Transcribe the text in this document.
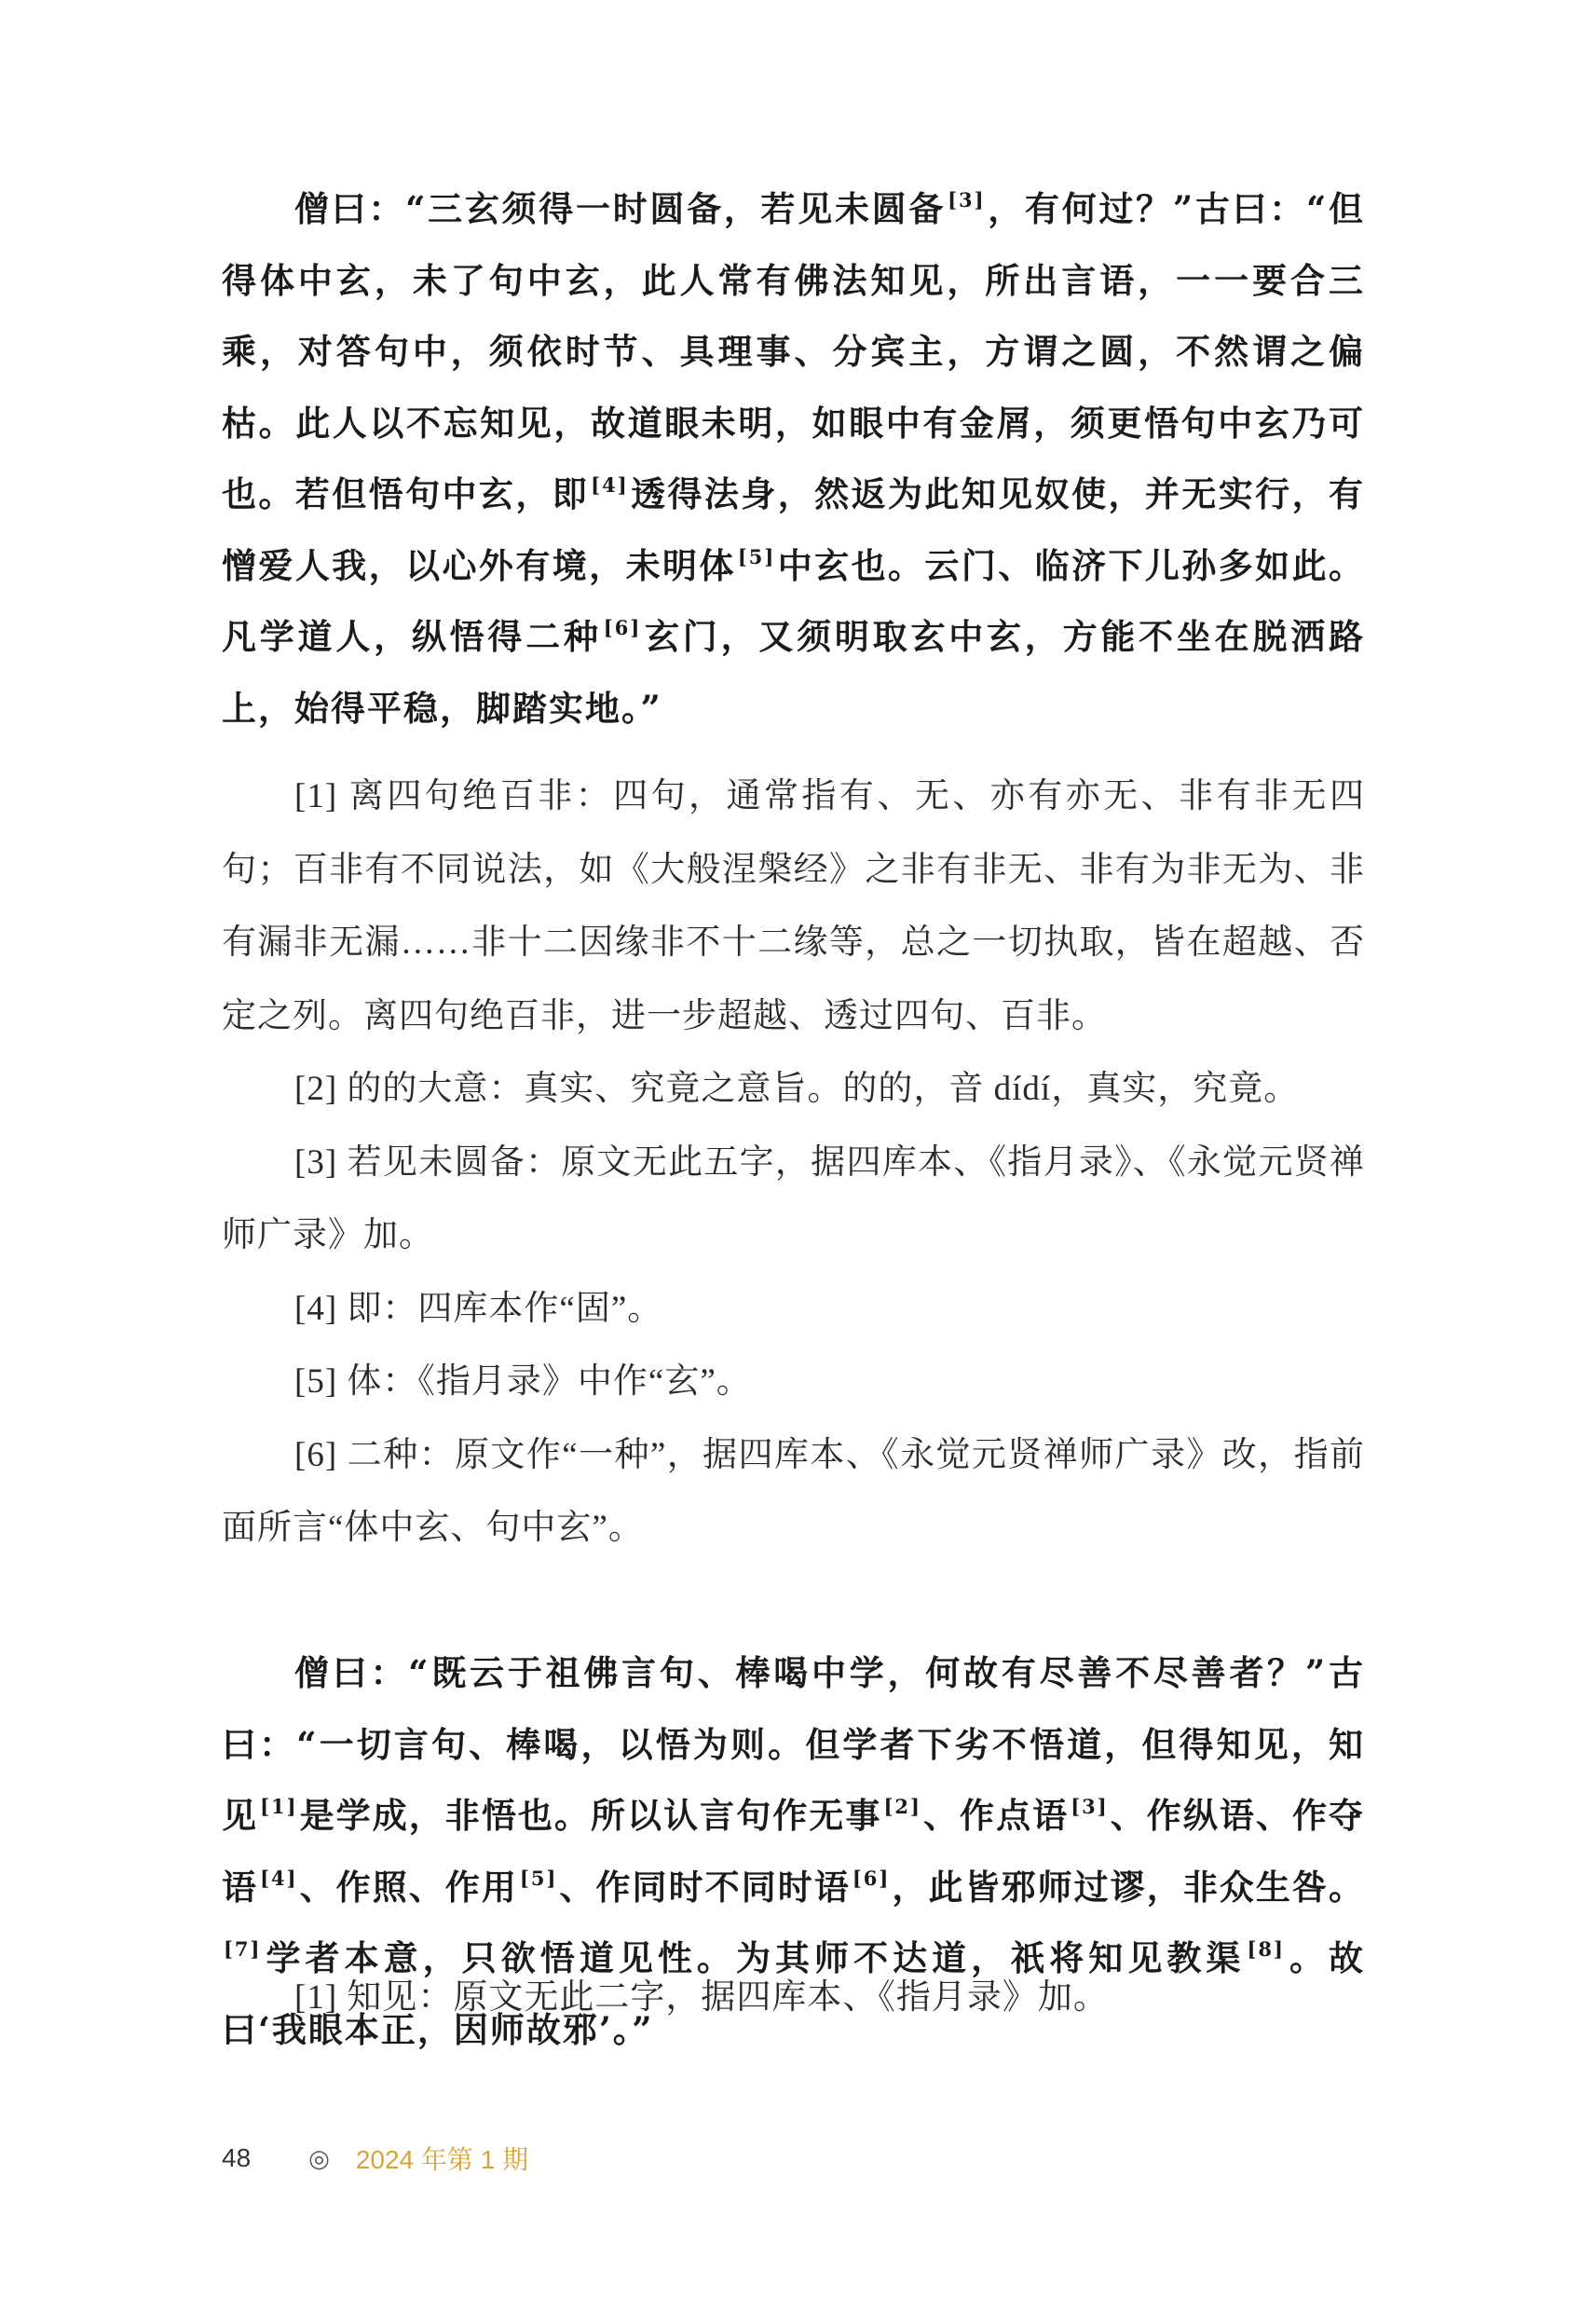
僧曰：“三玄须得一时圆备，若见未圆备[3]，有何过？”古曰：“但得体中玄，未了句中玄，此人常有佛法知见，所出言语，一一要合三乘，对答句中，须依时节、具理事、分宾主，方谓之圆，不然谓之偏枯。此人以不忘知见，故道眼未明，如眼中有金屑，须更悟句中玄乃可也。若但悟句中玄，即[4]透得法身，然返为此知见奴使，并无实行，有憎爱人我，以心外有境，未明体[5]中玄也。云门、临济下儿孙多如此。凡学道人，纵悟得二种[6]玄门，又须明取玄中玄，方能不坐在脱洒路上，始得平稳，脚踏实地。”

[1] 离四句绝百非：四句，通常指有、无、亦有亦无、非有非无四句；百非有不同说法，如《大般涅槃经》之非有非无、非有为非无为、非有漏非无漏……非十二因缘非不十二缘等，总之一切执取，皆在超越、否定之列。离四句绝百非，进一步超越、透过四句、百非。

[2] 的的大意：真实、究竟之意旨。的的，音 dídí，真实，究竟。

[3] 若见未圆备：原文无此五字，据四库本、《指月录》、《永觉元贤禅师广录》加。

[4] 即：四库本作“固”。

[5] 体：《指月录》中作“玄”。

[6] 二种：原文作“一种”，据四库本、《永觉元贤禅师广录》改，指前面所言“体中玄、句中玄”。

僧曰：“既云于祖佛言句、棒喝中学，何故有尽善不尽善者？”古曰：“一切言句、棒喝，以悟为则。但学者下劣不悟道，但得知见，知见[1]是学成，非悟也。所以认言句作无事[2]、作点语[3]、作纵语、作夺语[4]、作照、作用[5]、作同时不同时语[6]，此皆邪师过谬，非众生咎。[7]学者本意，只欲悟道见性。为其师不达道，祇将知见教渠[8]。故曰‘我眼本正，因师故邪’。”

[1] 知见：原文无此二字，据四库本、《指月录》加。

48 ◎ 2024 年第 1 期
